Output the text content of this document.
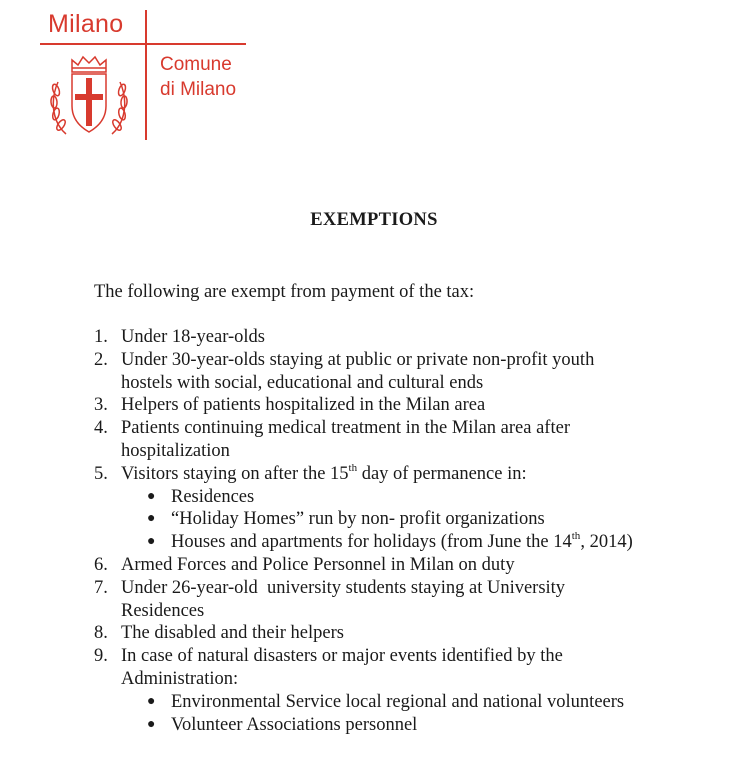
Milano
Comune
di Milano
EXEMPTIONS
The following are exempt from payment of the tax:
1. Under 18-year-olds
2. Under 30-year-olds staying at public or private non-profit youth
hostels with social, educational and cultural ends
3. Helpers of patients hospitalized in the Milan area
4. Patients continuing medical treatment in the Milan area after
hospitalization
5. Visitors staying on after the 15th day of permanence in:
● Residences
● “Holiday Homes” run by non- profit organizations
● Houses and apartments for holidays (from June the 14th, 2014)
6. Armed Forces and Police Personnel in Milan on duty
7. Under 26-year-old  university students staying at University
Residences
8. The disabled and their helpers
9. In case of natural disasters or major events identified by the
Administration:
● Environmental Service local regional and national volunteers
● Volunteer Associations personnel
